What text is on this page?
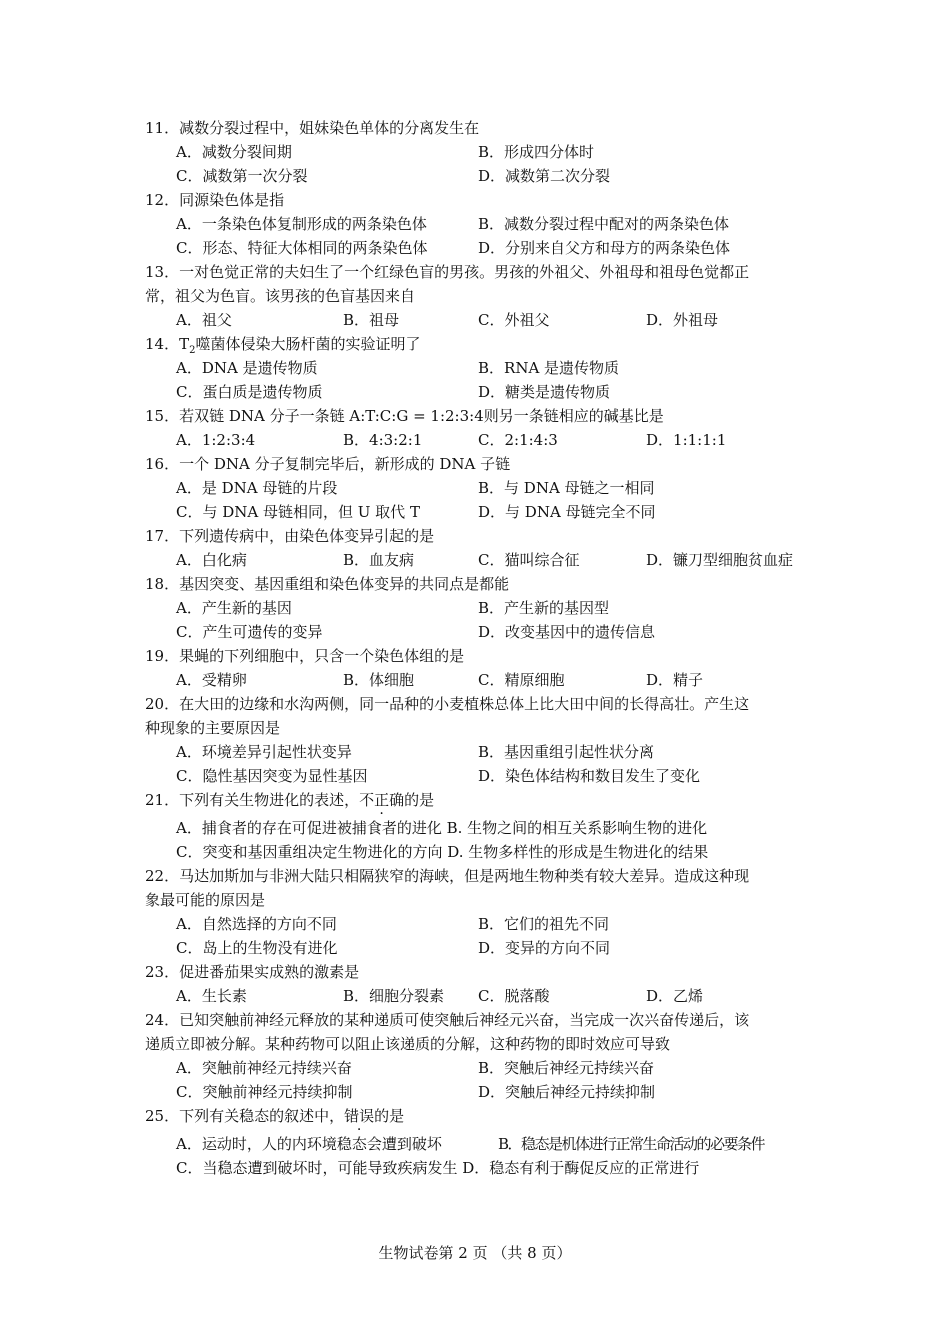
11．减数分裂过程中，姐妹染色单体的分离发生在
A．减数分裂间期	B．形成四分体时
C．减数第一次分裂	D．减数第二次分裂
12．同源染色体是指
A．一条染色体复制形成的两条染色体	B．减数分裂过程中配对的两条染色体
C．形态、特征大体相同的两条染色体	D．分别来自父方和母方的两条染色体
13．一对色觉正常的夫妇生了一个红绿色盲的男孩。男孩的外祖父、外祖母和祖母色觉都正
常，祖父为色盲。该男孩的色盲基因来自
A．祖父	B．祖母	C．外祖父	D．外祖母
14．$T_2$噬菌体侵染大肠杆菌的实验证明了
A．DNA 是遗传物质	B．RNA 是遗传物质
C．蛋白质是遗传物质	D．糖类是遗传物质
15．若双链 DNA 分子一条链 A:T:C:G = 1:2:3:4则另一条链相应的碱基比是
A．1:2:3:4	B．4:3:2:1	C．2:1:4:3	D．1:1:1:1
16．一个 DNA 分子复制完毕后，新形成的 DNA 子链
A．是 DNA 母链的片段	B．与 DNA 母链之一相同
C．与 DNA 母链相同，但 U 取代 T	D．与 DNA 母链完全不同
17．下列遗传病中，由染色体变异引起的是
A．白化病	B．血友病	C．猫叫综合征	D．镰刀型细胞贫血症
18．基因突变、基因重组和染色体变异的共同点是都能
A．产生新的基因	B．产生新的基因型
C．产生可遗传的变异	D．改变基因中的遗传信息
19．果蝇的下列细胞中，只含一个染色体组的是
A．受精卵	B．体细胞	C．精原细胞	D．精子
20．在大田的边缘和水沟两侧，同一品种的小麦植株总体上比大田中间的长得高壮。产生这
种现象的主要原因是
A．环境差异引起性状变异	B．基因重组引起性状分离
C．隐性基因突变为显性基因	D．染色体结构和数目发生了变化
21．下列有关生物进化的表述，不正确的是
A．捕食者的存在可促进被捕食者的进化 B. 生物之间的相互关系影响生物的进化
C．突变和基因重组决定生物进化的方向 D. 生物多样性的形成是生物进化的结果
22．马达加斯加与非洲大陆只相隔狭窄的海峡，但是两地生物种类有较大差异。造成这种现
象最可能的原因是
A．自然选择的方向不同	B．它们的祖先不同
C．岛上的生物没有进化	D．变异的方向不同
23．促进番茄果实成熟的激素是
A．生长素	B．细胞分裂素 C．脱落酸	D．乙烯
24．已知突触前神经元释放的某种递质可使突触后神经元兴奋，当完成一次兴奋传递后，该
递质立即被分解。某种药物可以阻止该递质的分解，这种药物的即时效应可导致
A．突触前神经元持续兴奋	B．突触后神经元持续兴奋
C．突触前神经元持续抑制	D．突触后神经元持续抑制
25．下列有关稳态的叙述中，错误的是
A．运动时，人的内环境稳态会遭到破坏	B．稳态是机体进行正常生命活动的必要条件
C．当稳态遭到破坏时，可能导致疾病发生 D．稳态有利于酶促反应的正常进行
生物试卷第 2 页 （共 8 页）
